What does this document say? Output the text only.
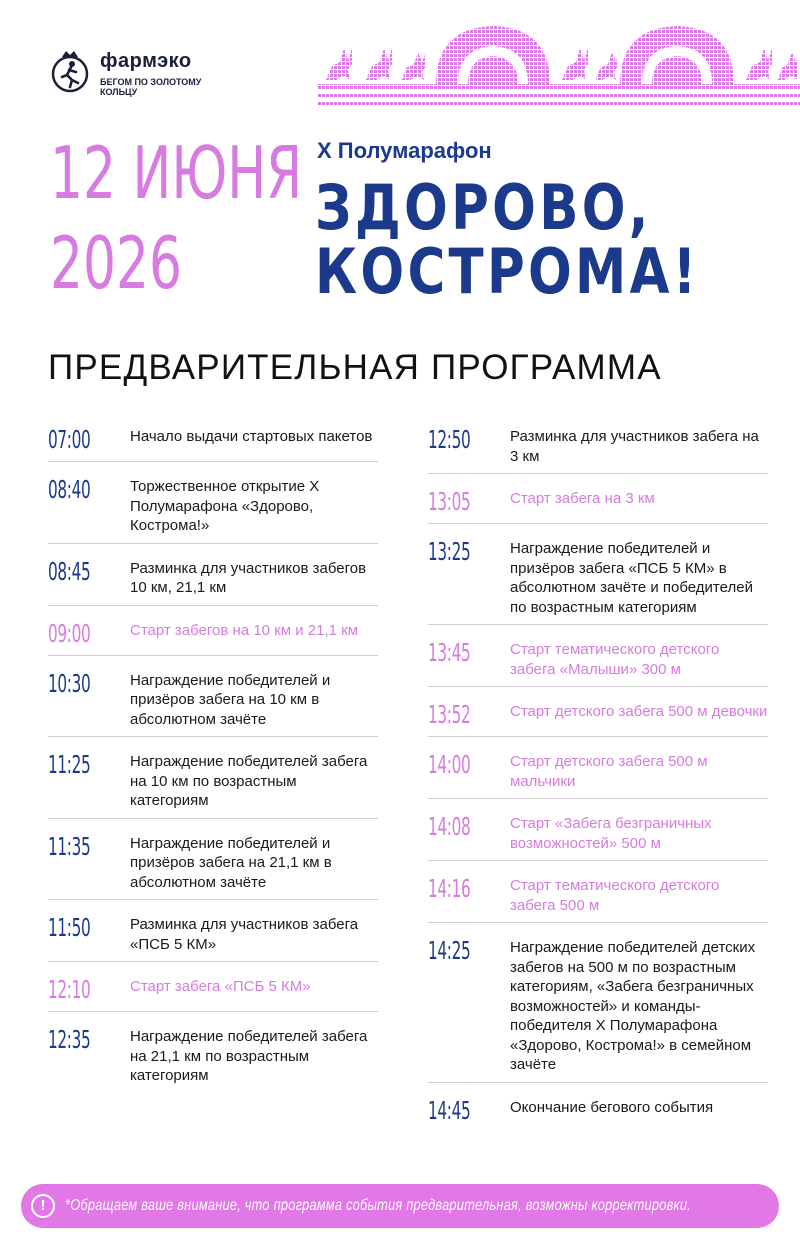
фармэко
БЕГОМ ПО ЗОЛОТОМУ
КОЛЬЦУ
12 ИЮНЯ
2026
X Полумарафон
ЗДОРОВО,
КОСТРОМА!
ПРЕДВАРИТЕЛЬНАЯ ПРОГРАММА
07:00	Начало выдачи стартовых пакетов
08:40	Торжественное открытие X Полумарафона «Здорово, Кострома!»
08:45	Разминка для участников забегов 10 км, 21,1 км
09:00	Старт забегов на 10 км и 21,1 км
10:30	Награждение победителей и призёров забега на 10 км в абсолютном зачёте
11:25	Награждение победителей забега на 10 км по возрастным категориям
11:35	Награждение победителей и призёров забега на 21,1 км в абсолютном зачёте
11:50	Разминка для участников забега «ПСБ 5 КМ»
12:10	Старт забега «ПСБ 5 КМ»
12:35	Награждение победителей забега на 21,1 км по возрастным категориям
12:50	Разминка для участников забега на 3 км
13:05	Старт забега на 3 км
13:25	Награждение победителей и призёров забега «ПСБ 5 КМ» в абсолютном зачёте и победителей по возрастным категориям
13:45	Старт тематического детского забега «Малыши» 300 м
13:52	Старт детского забега 500 м девочки
14:00	Старт детского забега 500 м мальчики
14:08	Старт «Забега безграничных возможностей» 500 м
14:16	Старт тематического детского забега 500 м
14:25	Награждение победителей детских забегов на 500 м по возрастным категориям, «Забега безграничных возможностей» и команды-победителя X Полумарафона «Здорово, Кострома!» в семейном зачёте
14:45	Окончание бегового события
!	*Обращаем ваше внимание, что программа события предварительная, возможны корректировки.
